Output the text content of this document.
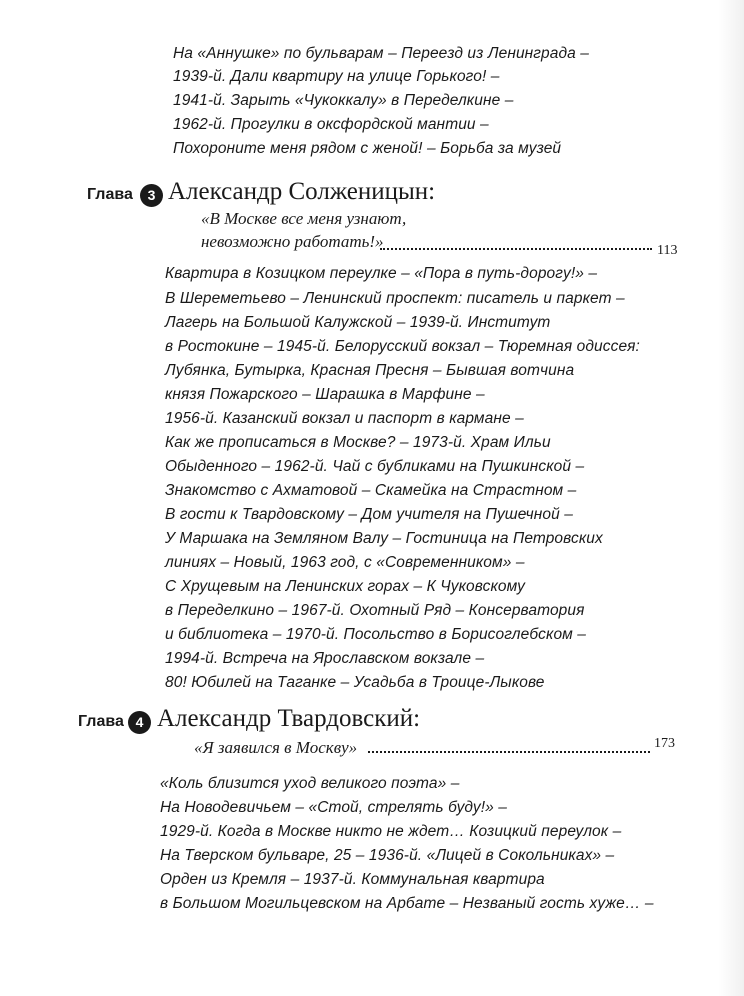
На «Аннушке» по бульварам – Переезд из Ленинграда –
1939-й. Дали квартиру на улице Горького! –
1941-й. Зарыть «Чукоккалу» в Переделкине –
1962-й. Прогулки в оксфордской мантии –
Похороните меня рядом с женой! – Борьба за музей
Глава	3 Александр Солженицын:
«В Москве все меня узнают,
невозможно работать!»	113
Квартира в Козицком переулке – «Пора в путь-дорогу!» –
В Шереметьево – Ленинский проспект: писатель и паркет –
Лагерь на Большой Калужской – 1939-й. Институт
в Ростокине – 1945-й. Белорусский вокзал – Тюремная одиссея:
Лубянка, Бутырка, Красная Пресня – Бывшая вотчина
князя Пожарского – Шарашка в Марфине –
1956-й. Казанский вокзал и паспорт в кармане –
Как же прописаться в Москве? – 1973-й. Храм Ильи
Обыденного – 1962-й. Чай с бубликами на Пушкинской –
Знакомство с Ахматовой – Скамейка на Страстном –
В гости к Твардовскому – Дом учителя на Пушечной –
У Маршака на Земляном Валу – Гостиница на Петровских
линиях – Новый, 1963 год, с «Современником» –
С Хрущевым на Ленинских горах – К Чуковскому
в Переделкино – 1967-й. Охотный Ряд – Консерватория
и библиотека – 1970-й. Посольство в Борисоглебском –
1994-й. Встреча на Ярославском вокзале –
80! Юбилей на Таганке – Усадьба в Троице-Лыкове
Глава 4 Александр Твардовский:
«Я заявился в Москву»	173
«Коль близится уход великого поэта» –
На Новодевичьем – «Стой, стрелять буду!» –
1929-й. Когда в Москве никто не ждет… Козицкий переулок –
На Тверском бульваре, 25 – 1936-й. «Лицей в Сокольниках» –
Орден из Кремля – 1937-й. Коммунальная квартира
в Большом Могильцевском на Арбате – Незваный гость хуже… –
